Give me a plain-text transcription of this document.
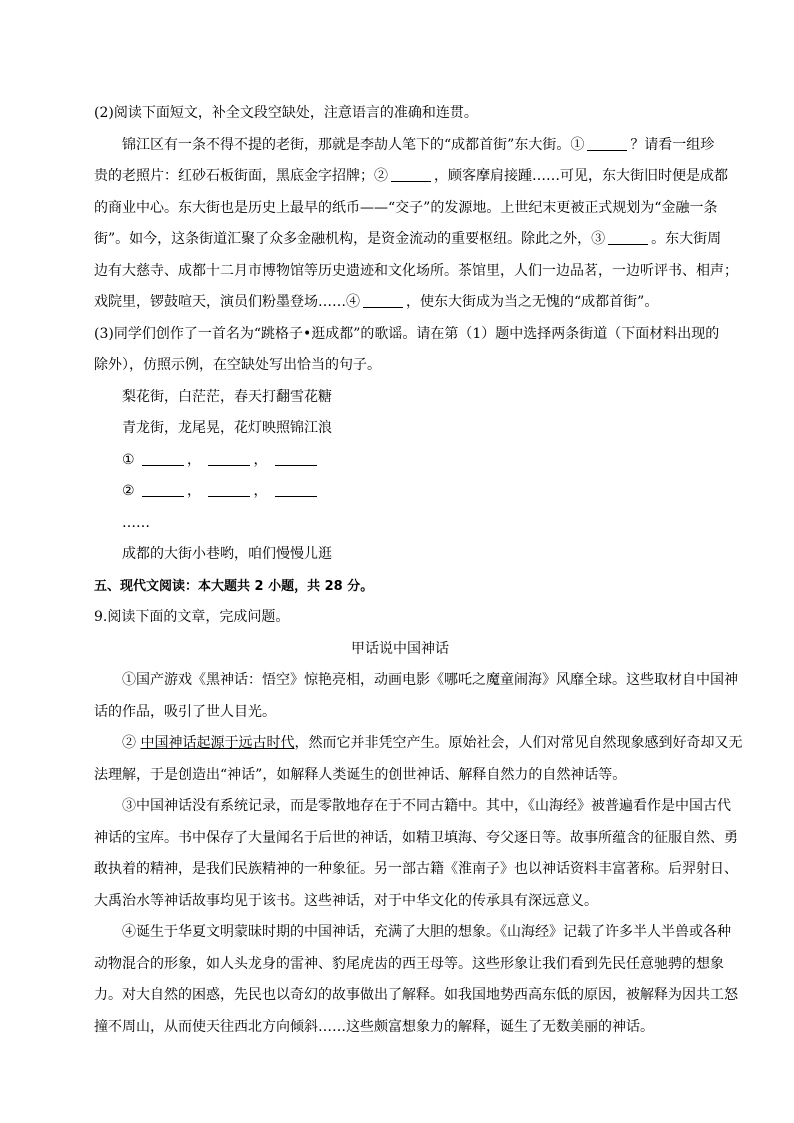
(2)阅读下面短文，补全文段空缺处，注意语言的准确和连贯。
锦江区有一条不得不提的老街，那就是李劼人笔下的“成都首街”东大街。①	？请看一组珍
贵的老照片：红砂石板街面，黑底金字招牌；②	，顾客摩肩接踵……可见，东大街旧时便是成都
的商业中心。东大街也是历史上最早的纸币——“交子”的发源地。上世纪末更被正式规划为“金融一条
街”。如今，这条街道汇聚了众多金融机构，是资金流动的重要枢纽。除此之外，③	。东大街周
边有大慈寺、成都十二月市博物馆等历史遗迹和文化场所。茶馆里，人们一边品茗，一边听评书、相声；
戏院里，锣鼓喧天，演员们粉墨登场……④	，使东大街成为当之无愧的“成都首街”。
(3)同学们创作了一首名为“跳格子•逛成都”的歌谣。请在第（1）题中选择两条街道（下面材料出现的
除外），仿照示例，在空缺处写出恰当的句子。
梨花街，白茫茫，春天打翻雪花糖
青龙街，龙尾晃，花灯映照锦江浪
①	，	，
②	，	，
……
成都的大街小巷哟，咱们慢慢儿逛
五、现代文阅读：本大题共 2 小题，共 28 分。
9.阅读下面的文章，完成问题。
甲话说中国神话
①国产游戏《黑神话：悟空》惊艳亮相，动画电影《哪吒之魔童闹海》风靡全球。这些取材自中国神
话的作品，吸引了世人目光。
② 中国神话起源于远古时代，然而它并非凭空产生。原始社会，人们对常见自然现象感到好奇却又无
法理解，于是创造出“神话”，如解释人类诞生的创世神话、解释自然力的自然神话等。
③中国神话没有系统记录，而是零散地存在于不同古籍中。其中，《山海经》被普遍看作是中国古代
神话的宝库。书中保存了大量闻名于后世的神话，如精卫填海、夸父逐日等。故事所蕴含的征服自然、勇
敢执着的精神，是我们民族精神的一种象征。另一部古籍《淮南子》也以神话资料丰富著称。后羿射日、
大禹治水等神话故事均见于该书。这些神话，对于中华文化的传承具有深远意义。
④诞生于华夏文明蒙昧时期的中国神话，充满了大胆的想象。《山海经》记载了许多半人半兽或各种
动物混合的形象，如人头龙身的雷神、豹尾虎齿的西王母等。这些形象让我们看到先民任意驰骋的想象
力。对大自然的困惑，先民也以奇幻的故事做出了解释。如我国地势西高东低的原因，被解释为因共工怒
撞不周山，从而使天往西北方向倾斜……这些颇富想象力的解释，诞生了无数美丽的神话。
